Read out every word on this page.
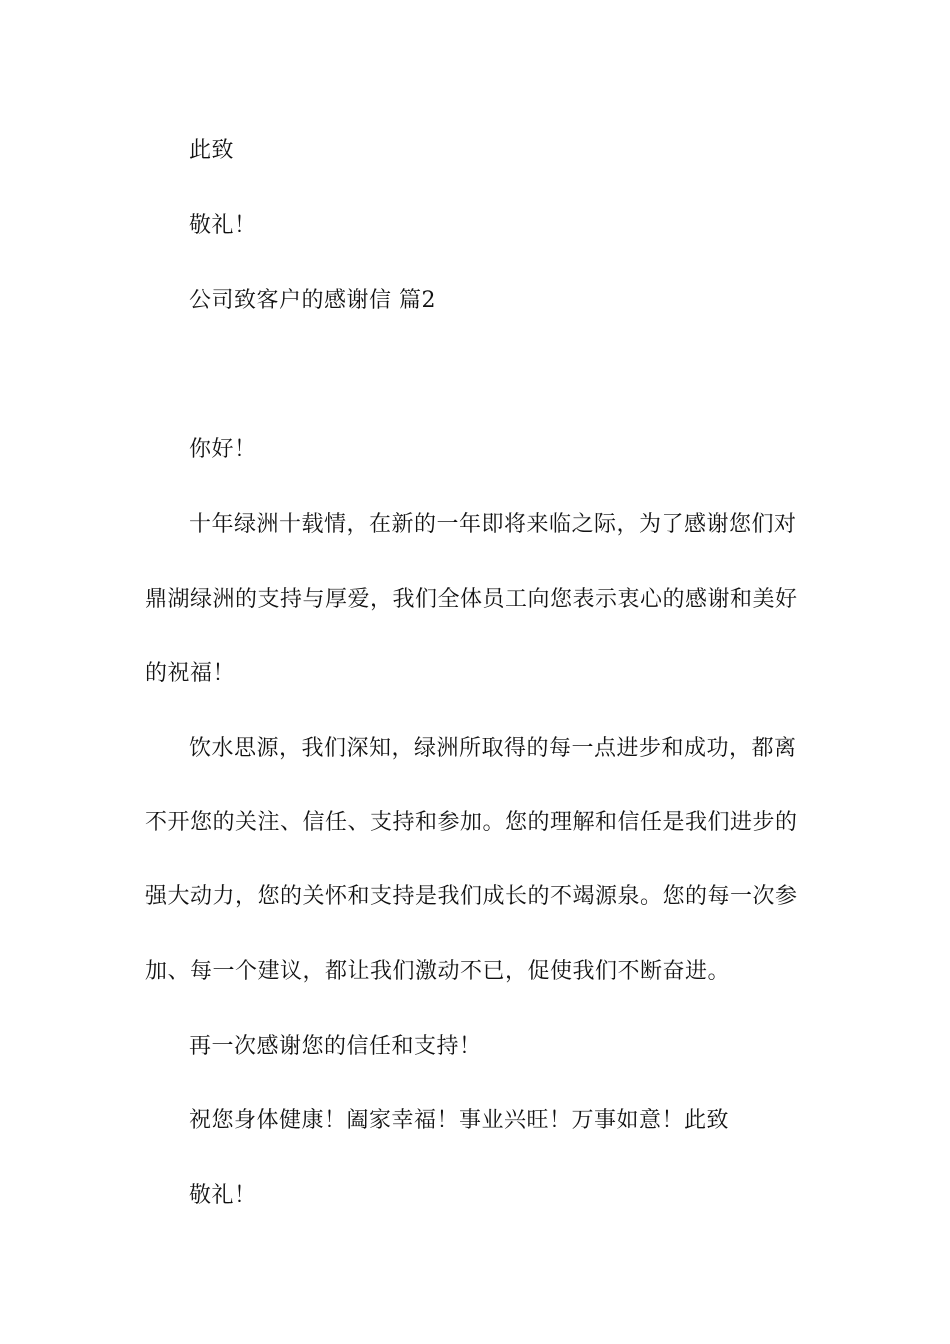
此致
敬礼！
公司致客户的感谢信 篇2
你好！
十年绿洲十载情，在新的一年即将来临之际，为了感谢您们对
鼎湖绿洲的支持与厚爱，我们全体员工向您表示衷心的感谢和美好
的祝福！
饮水思源，我们深知，绿洲所取得的每一点进步和成功，都离
不开您的关注、信任、支持和参加。您的理解和信任是我们进步的
强大动力，您的关怀和支持是我们成长的不竭源泉。您的每一次参
加、每一个建议，都让我们激动不已，促使我们不断奋进。
再一次感谢您的信任和支持！
祝您身体健康！阖家幸福！事业兴旺！万事如意！此致
敬礼！
